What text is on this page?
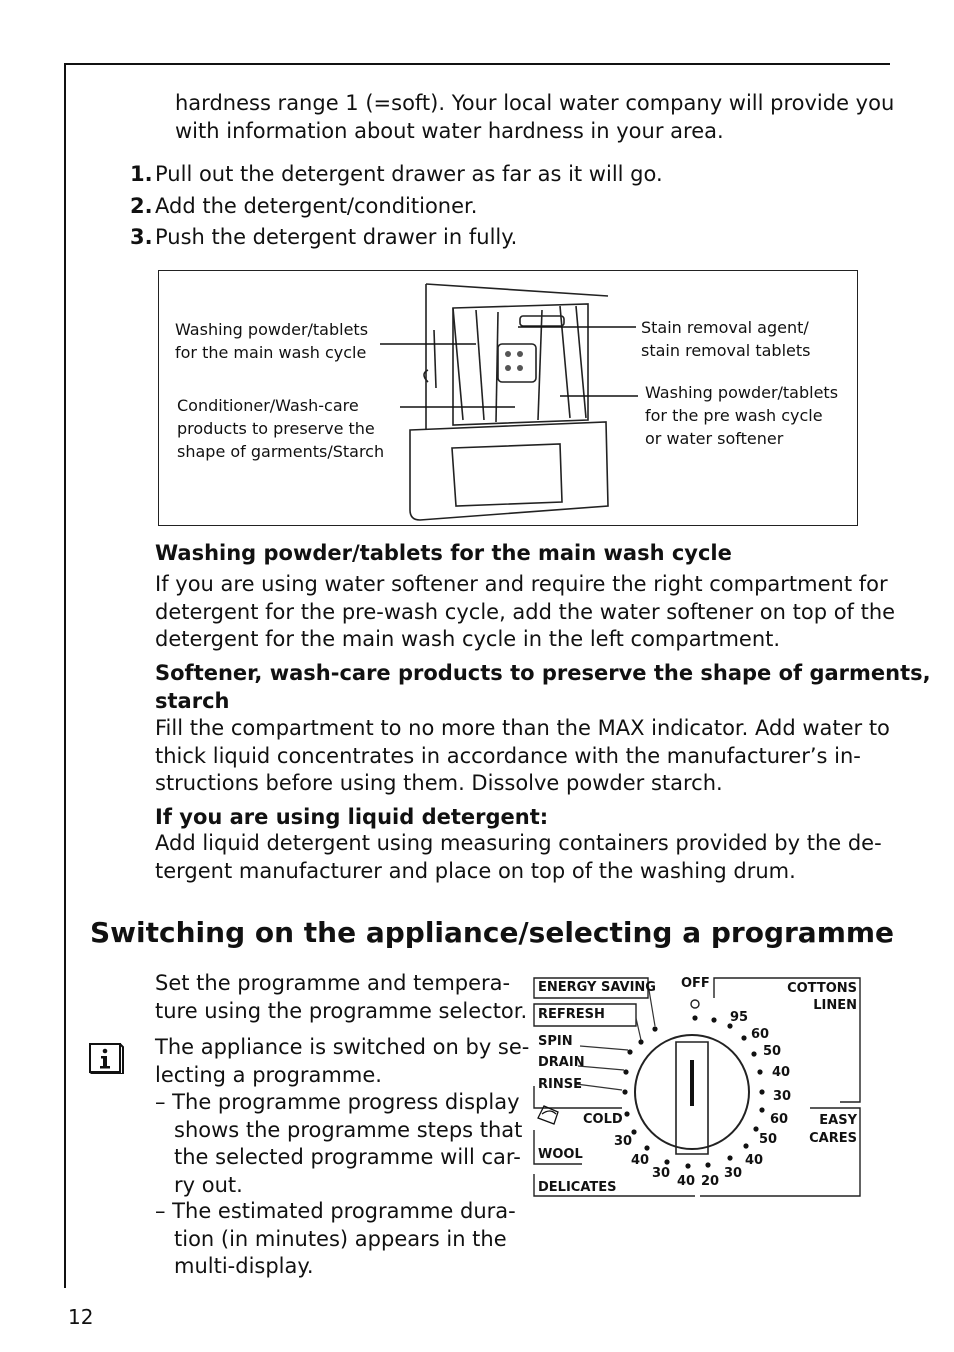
hardness range 1 (=soft). Your local water company will provide you
with information about water hardness in your area.
1. Pull out the detergent drawer as far as it will go.
2. Add the detergent/conditioner.
3. Push the detergent drawer in fully.
Washing powder/tablets
for the main wash cycle
Conditioner/Wash-care
products to preserve the
shape of garments/Starch
Stain removal agent/
stain removal tablets
Washing powder/tablets
for the pre wash cycle
or water softener
Washing powder/tablets for the main wash cycle
If you are using water softener and require the right compartment for
detergent for the pre-wash cycle, add the water softener on top of the
detergent for the main wash cycle in the left compartment.
Softener, wash-care products to preserve the shape of garments,
starch
Fill the compartment to no more than the MAX indicator. Add water to
thick liquid concentrates in accordance with the manufacturer’s in-
structions before using them. Dissolve powder starch.
If you are using liquid detergent:
Add liquid detergent using measuring containers provided by the de-
tergent manufacturer and place on top of the washing drum.
Switching on the appliance/selecting a programme
Set the programme and tempera-
ture using the programme selector.
The appliance is switched on by se-
lecting a programme.
– The programme progress display
shows the programme steps that
the selected programme will car-
ry out.
– The estimated programme dura-
tion (in minutes) appears in the
multi-display.
ENERGY SAVING
REFRESH
SPIN
DRAIN
RINSE
COLD
WOOL
DELICATES
OFF	COTTONS
LINEN
EASY
CARES
95
60
50
40
30
60
50
40
30
20
40
30
40
30
12
